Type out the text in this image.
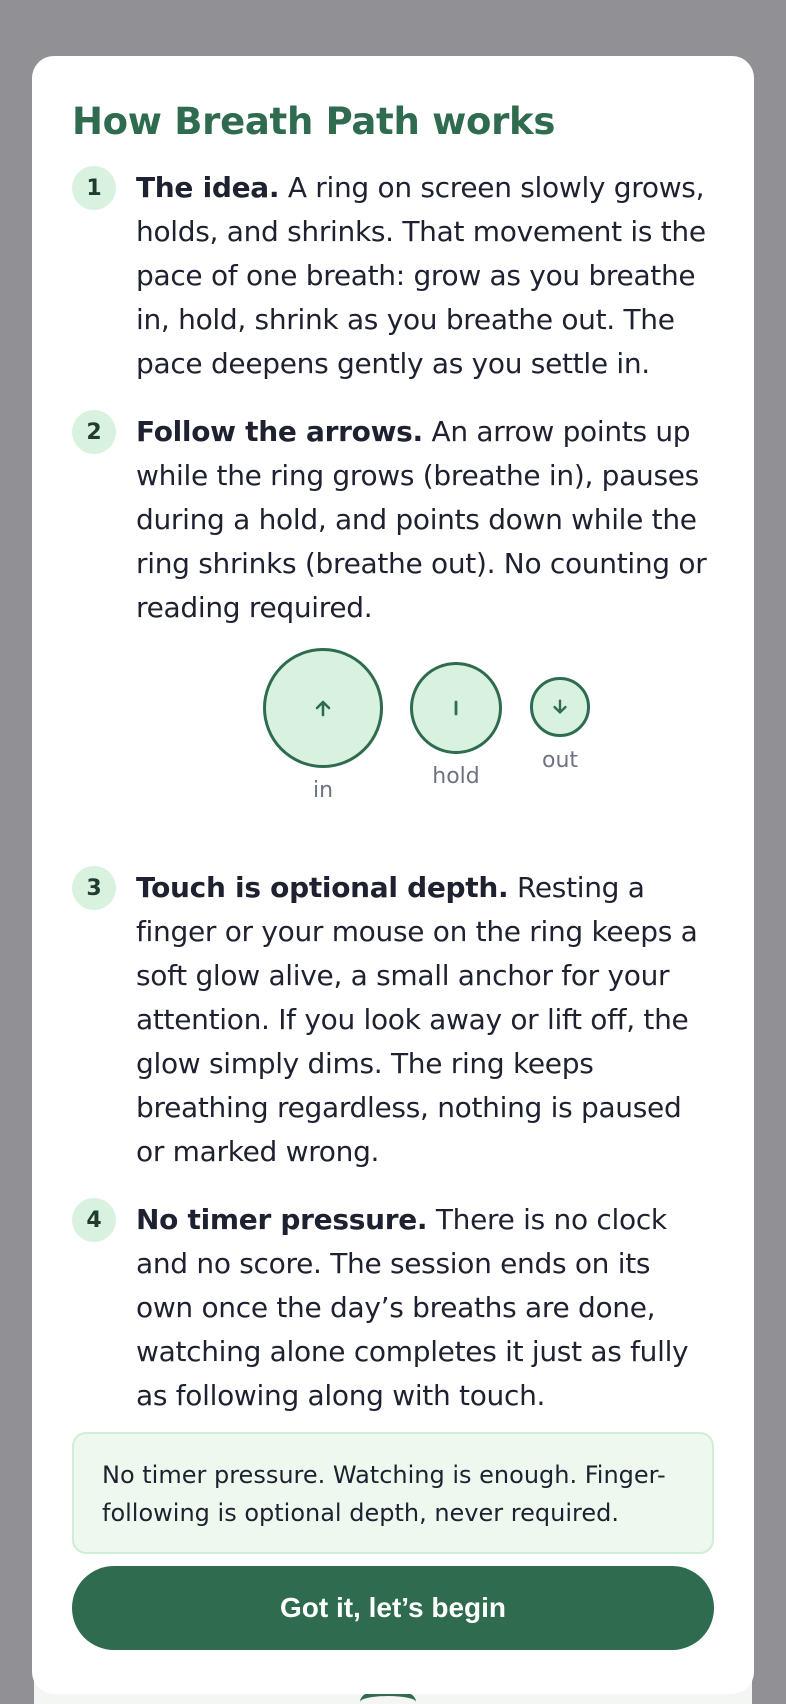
How Breath Path works
1	The idea. A ring on screen slowly grows, holds, and shrinks. That movement is the pace of one breath: grow as you breathe in, hold, shrink as you breathe out. The pace deepens gently as you settle in.

2	Follow the arrows. An arrow points up while the ring grows (breathe in), pauses during a hold, and points down while the ring shrinks (breathe out). No counting or reading required.

in
hold
out
3	Touch is optional depth. Resting a finger or your mouse on the ring keeps a soft glow alive, a small anchor for your attention. If you look away or lift off, the glow simply dims. The ring keeps breathing regardless, nothing is paused or marked wrong.

4	No timer pressure. There is no clock and no score. The session ends on its own once the day’s breaths are done, watching alone completes it just as fully as following along with touch.

No timer pressure. Watching is enough. Finger-following is optional depth, never required.
Got it, let’s begin
